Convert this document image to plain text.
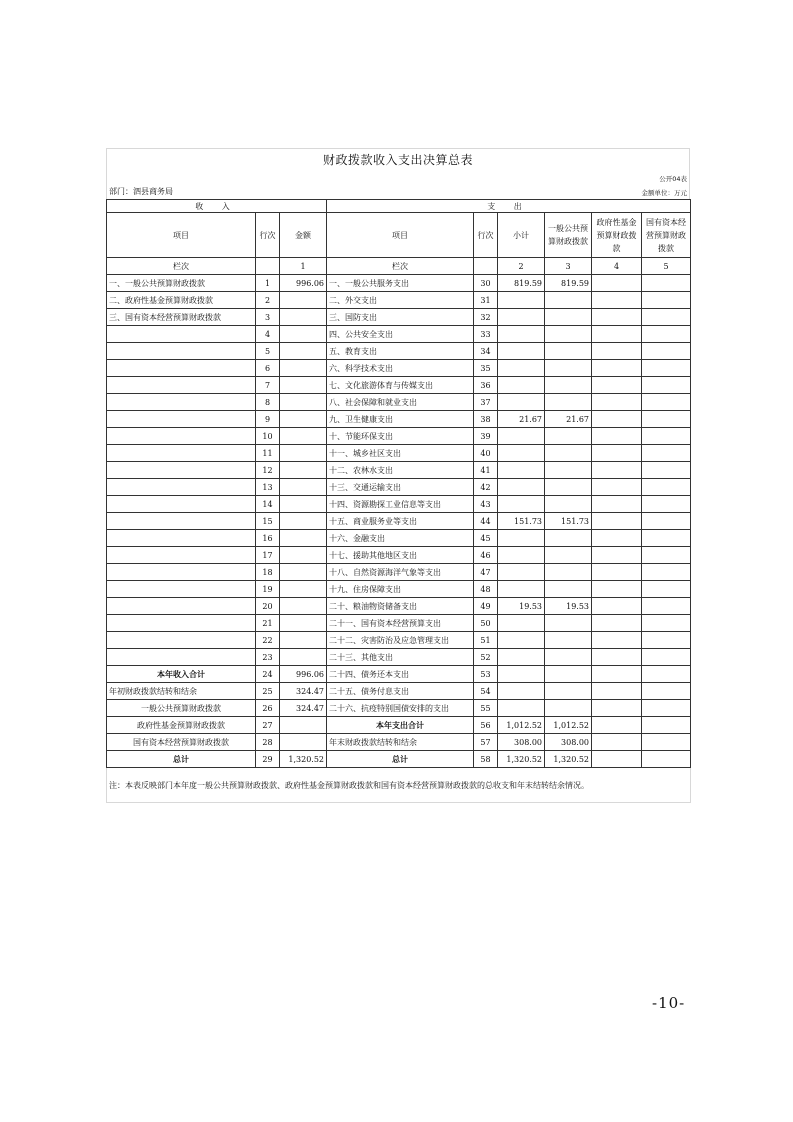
财政拨款收入支出决算总表
公开04表
部门：泗县商务局	金额单位：万元
收 入			支 出					
项目	行次	金额	项目	行次	小计	一般公共预算财政拨款	政府性基金预算财政拨款	国有资本经营预算财政拨款
栏次		1	栏次		2	3	4	5
一、一般公共预算财政拨款	1	996.06	一、一般公共服务支出	30	819.59	819.59		
二、政府性基金预算财政拨款	2		二、外交支出	31				
三、国有资本经营预算财政拨款	3		三、国防支出	32				
	4		四、公共安全支出	33				
	5		五、教育支出	34				
	6		六、科学技术支出	35				
	7		七、文化旅游体育与传媒支出	36				
	8		八、社会保障和就业支出	37				
	9		九、卫生健康支出	38	21.67	21.67		
	10		十、节能环保支出	39				
	11		十一、城乡社区支出	40				
	12		十二、农林水支出	41				
	13		十三、交通运输支出	42				
	14		十四、资源勘探工业信息等支出	43				
	15		十五、商业服务业等支出	44	151.73	151.73		
	16		十六、金融支出	45				
	17		十七、援助其他地区支出	46				
	18		十八、自然资源海洋气象等支出	47				
	19		十九、住房保障支出	48				
	20		二十、粮油物资储备支出	49	19.53	19.53		
	21		二十一、国有资本经营预算支出	50				
	22		二十二、灾害防治及应急管理支出	51				
	23		二十三、其他支出	52				
本年收入合计	24	996.06	二十四、债务还本支出	53				
年初财政拨款结转和结余	25	324.47	二十五、债务付息支出	54				
一般公共预算财政拨款	26	324.47	二十六、抗疫特别国债安排的支出	55				
政府性基金预算财政拨款	27		本年支出合计	56	1,012.52	1,012.52		
国有资本经营预算财政拨款	28		年末财政拨款结转和结余	57	308.00	308.00		
总计	29	1,320.52	总计	58	1,320.52	1,320.52		
注：本表反映部门本年度一般公共预算财政拨款、政府性基金预算财政拨款和国有资本经营预算财政拨款的总收支和年末结转结余情况。								
-10-
